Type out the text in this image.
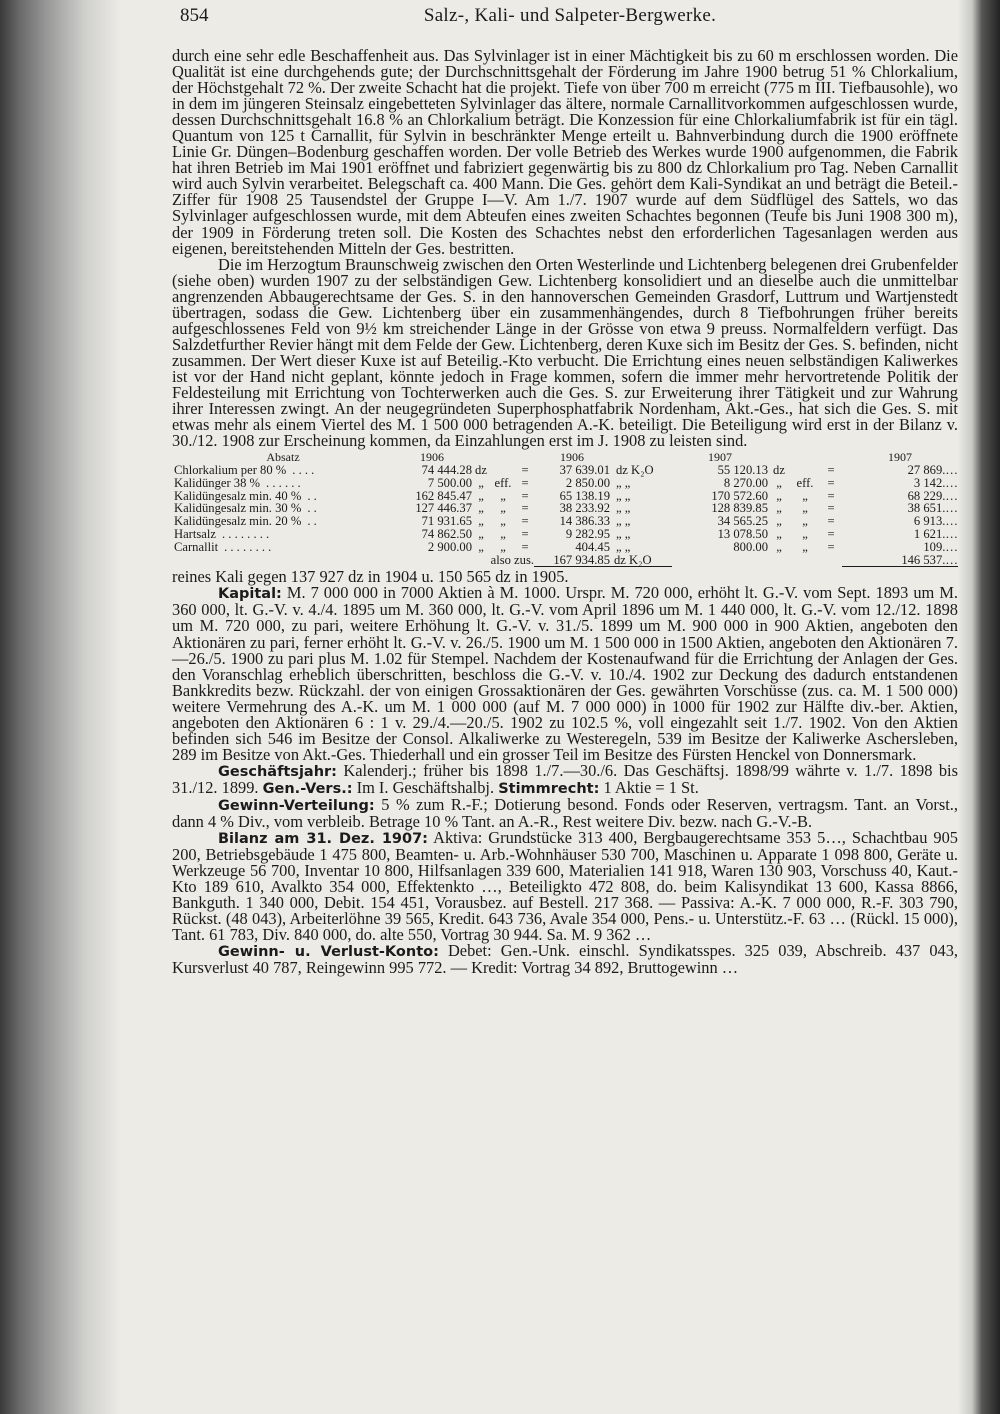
854	Salz-, Kali- und Salpeter-Bergwerke.

durch eine sehr edle Beschaffenheit aus. Das Sylvinlager ist in einer Mächtigkeit bis zu 60 m erschlossen worden. Die Qualität ist eine durchgehends gute; der Durchschnittsgehalt der Förderung im Jahre 1900 betrug 51 % Chlorkalium, der Höchstgehalt 72 %. Der zweite Schacht hat die projekt. Tiefe von über 700 m erreicht (775 m III. Tiefbausohle), wo in dem im jüngeren Steinsalz eingebetteten Sylvinlager das ältere, normale Carnallitvorkommen aufgeschlossen wurde, dessen Durchschnittsgehalt 16.8 % an Chlorkalium beträgt. Die Konzession für eine Chlorkaliumfabrik ist für ein tägl. Quantum von 125 t Carnallit, für Sylvin in beschränkter Menge erteilt u. Bahnverbindung durch die 1900 eröffnete Linie Gr. Düngen–Bodenburg geschaffen worden. Der volle Betrieb des Werkes wurde 1900 aufgenommen, die Fabrik hat ihren Betrieb im Mai 1901 eröffnet und fabriziert gegenwärtig bis zu 800 dz Chlorkalium pro Tag. Neben Carnallit wird auch Sylvin verarbeitet. Belegschaft ca. 400 Mann. Die Ges. gehört dem Kali-Syndikat an und beträgt die Beteil.-Ziffer für 1908 25 Tausendstel der Gruppe I—V. Am 1./7. 1907 wurde auf dem Südflügel des Sattels, wo das Sylvinlager aufgeschlossen wurde, mit dem Abteufen eines zweiten Schachtes begonnen (Teufe bis Juni 1908 300 m), der 1909 in Förderung treten soll. Die Kosten des Schachtes nebst den erforderlichen Tagesanlagen werden aus eigenen, bereitstehenden Mitteln der Ges. bestritten.

Die im Herzogtum Braunschweig zwischen den Orten Westerlinde und Lichtenberg belegenen drei Grubenfelder (siehe oben) wurden 1907 zu der selbständigen Gew. Lichtenberg konsolidiert und an dieselbe auch die unmittelbar angrenzenden Abbaugerechtsame der Ges. S. in den hannoverschen Gemeinden Grasdorf, Luttrum und Wartjenstedt übertragen, sodass die Gew. Lichtenberg über ein zusammenhängendes, durch 8 Tiefbohrungen früher bereits aufgeschlossenes Feld von 9½ km streichender Länge in der Grösse von etwa 9 preuss. Normalfeldern verfügt. Das Salzdetfurther Revier hängt mit dem Felde der Gew. Lichtenberg, deren Kuxe sich im Besitz der Ges. S. befinden, nicht zusammen. Der Wert dieser Kuxe ist auf Beteilig.-Kto verbucht. Die Errichtung eines neuen selbständigen Kaliwerkes ist vor der Hand nicht geplant, könnte jedoch in Frage kommen, sofern die immer mehr hervortretende Politik der Feldesteilung mit Errichtung von Tochterwerken auch die Ges. S. zur Erweiterung ihrer Tätigkeit und zur Wahrung ihrer Interessen zwingt. An der neugegründeten Superphosphatfabrik Nordenham, Akt.-Ges., hat sich die Ges. S. mit etwas mehr als einem Viertel des M. 1 500 000 betragenden A.-K. beteiligt. Die Beteiligung wird erst in der Bilanz v. 30./12. 1908 zur Erscheinung kommen, da Einzahlungen erst im J. 1908 zu leisten sind.

Absatz	1906				1906		1907				1907
Chlorkalium per 80 % . . . .	74 444.28	dz		=	37 639.01	dz K₂O	55 120.13	dz		=	27 869.…
Kalidünger 38 % . . . . . .	7 500.00	„	eff.	=	2 850.00	„ „	8 270.00	„	eff.	=	3 142.…
Kalidüngesalz min. 40 % . .	162 845.47	„	„	=	65 138.19	„ „	170 572.60	„	„	=	68 229.…
Kalidüngesalz min. 30 % . .	127 446.37	„	„	=	38 233.92	„ „	128 839.85	„	„	=	38 651.…
Kalidüngesalz min. 20 % . .	71 931.65	„	„	=	14 386.33	„ „	34 565.25	„	„	=	6 913.…
Hartsalz . . . . . . . .	74 862.50	„	„	=	9 282.95	„ „	13 078.50	„	„	=	1 621.…
Carnallit . . . . . . . .	2 900.00	„	„	=	404.45	„ „	800.00	„	„	=	109.…
	also zus.				167 934.85	dz K₂O					146 537.…

reines Kali gegen 137 927 dz in 1904 u. 150 565 dz in 1905.

Kapital: M. 7 000 000 in 7000 Aktien à M. 1000. Urspr. M. 720 000, erhöht lt. G.-V. vom Sept. 1893 um M. 360 000, lt. G.-V. v. 4./4. 1895 um M. 360 000, lt. G.-V. vom April 1896 um M. 1 440 000, lt. G.-V. vom 12./12. 1898 um M. 720 000, zu pari, weitere Erhöhung lt. G.-V. v. 31./5. 1899 um M. 900 000 in 900 Aktien, angeboten den Aktionären zu pari, ferner erhöht lt. G.-V. v. 26./5. 1900 um M. 1 500 000 in 1500 Aktien, angeboten den Aktionären 7.—26./5. 1900 zu pari plus M. 1.02 für Stempel. Nachdem der Kostenaufwand für die Errichtung der Anlagen der Ges. den Voranschlag erheblich überschritten, beschloss die G.-V. v. 10./4. 1902 zur Deckung des dadurch entstandenen Bankkredits bezw. Rückzahl. der von einigen Grossaktionären der Ges. gewährten Vorschüsse (zus. ca. M. 1 500 000) weitere Vermehrung des A.-K. um M. 1 000 000 (auf M. 7 000 000) in 1000 für 1902 zur Hälfte div.-ber. Aktien, angeboten den Aktionären 6 : 1 v. 29./4.—20./5. 1902 zu 102.5 %, voll eingezahlt seit 1./7. 1902. Von den Aktien befinden sich 546 im Besitze der Consol. Alkaliwerke zu Westeregeln, 539 im Besitze der Kaliwerke Aschersleben, 289 im Besitze von Akt.-Ges. Thiederhall und ein grosser Teil im Besitze des Fürsten Henckel von Donnersmark.

Geschäftsjahr: Kalenderj.; früher bis 1898 1./7.—30./6. Das Geschäftsj. 1898/99 währte v. 1./7. 1898 bis 31./12. 1899. Gen.-Vers.: Im I. Geschäftshalbj. Stimmrecht: 1 Aktie = 1 St.

Gewinn-Verteilung: 5 % zum R.-F.; Dotierung besond. Fonds oder Reserven, vertragsm. Tant. an Vorst., dann 4 % Div., vom verbleib. Betrage 10 % Tant. an A.-R., Rest weitere Div. bezw. nach G.-V.-B.

Bilanz am 31. Dez. 1907: Aktiva: Grundstücke 313 400, Bergbaugerechtsame 353 5…, Schachtbau 905 200, Betriebsgebäude 1 475 800, Beamten- u. Arb.-Wohnhäuser 530 700, Maschinen u. Apparate 1 098 800, Geräte u. Werkzeuge 56 700, Inventar 10 800, Hilfsanlagen 339 600, Materialien 141 918, Waren 130 903, Vorschuss 40, Kaut.-Kto 189 610, Avalkto 354 000, Effektenkto …, Beteiligkto 472 808, do. beim Kalisyndikat 13 600, Kassa 8866, Bankguth. 1 340 000, Debit. 154 451, Vorausbez. auf Bestell. 217 368. — Passiva: A.-K. 7 000 000, R.-F. 303 790, Rückst. (48 043), Arbeiterlöhne 39 565, Kredit. 643 736, Avale 354 000, Pens.- u. Unterstütz.-F. 63 … (Rückl. 15 000), Tant. 61 783, Div. 840 000, do. alte 550, Vortrag 30 944. Sa. M. 9 362 …

Gewinn- u. Verlust-Konto: Debet: Gen.-Unk. einschl. Syndikatsspes. 325 039, Abschreib. 437 043, Kursverlust 40 787, Reingewinn 995 772. — Kredit: Vortrag 34 892, Bruttogewinn …
